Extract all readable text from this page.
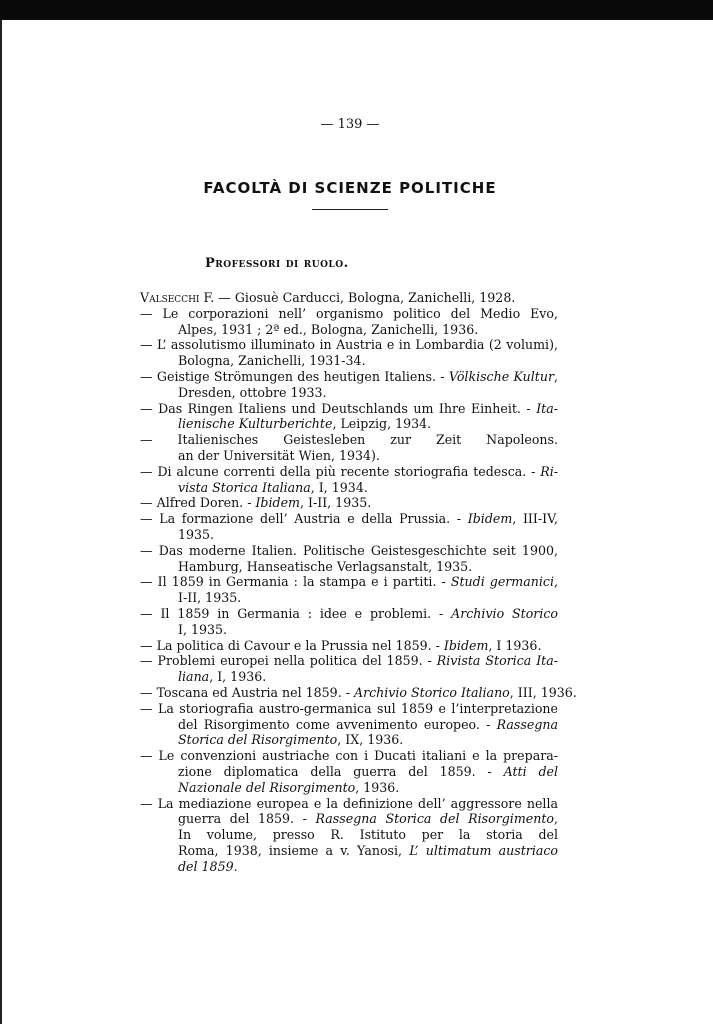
— 139 —
FACOLTÀ DI SCIENZE POLITICHE
Professori di ruolo.
Valsecchi F. — Giosuè Carducci, Bologna, Zanichelli, 1928.
— Le corporazioni nell’ organismo politico del Medio Evo,
Alpes, 1931 ; 2ª ed., Bologna, Zanichelli, 1936.
— L’ assolutismo illuminato in Austria e in Lombardia (2 volumi),
Bologna, Zanichelli, 1931-34.
— Geistige Strömungen des heutigen Italiens. - Völkische Kultur,
Dresden, ottobre 1933.
— Das Ringen Italiens und Deutschlands um Ihre Einheit. - Ita-
lienische Kulturberichte, Leipzig, 1934.
— Italienisches Geistesleben zur Zeit Napoleons.
an der Universität Wien, 1934).
— Di alcune correnti della più recente storiografia tedesca. - Ri-
vista Storica Italiana, I, 1934.
— Alfred Doren. - Ibidem, I-II, 1935.
— La formazione dell’ Austria e della Prussia. - Ibidem, III-IV,
1935.
— Das moderne Italien. Politische Geistesgeschichte seit 1900,
Hamburg, Hanseatische Verlagsanstalt, 1935.
— Il 1859 in Germania : la stampa e i partiti. - Studi germanici,
I-II, 1935.
— Il 1859 in Germania : idee e problemi. - Archivio Storico
I, 1935.
— La politica di Cavour e la Prussia nel 1859. - Ibidem, I 1936.
— Problemi europei nella politica del 1859. - Rivista Storica Ita-
liana, I, 1936.
— Toscana ed Austria nel 1859. - Archivio Storico Italiano, III, 1936.
— La storiografia austro-germanica sul 1859 e l’interpretazione
del Risorgimento come avvenimento europeo. - Rassegna
Storica del Risorgimento, IX, 1936.
— Le convenzioni austriache con i Ducati italiani e la prepara-
zione diplomatica della guerra del 1859. - Atti del
Nazionale del Risorgimento, 1936.
— La mediazione europea e la definizione dell’ aggressore nella
guerra del 1859. - Rassegna Storica del Risorgimento,
In volume, presso R. Istituto per la storia del
Roma, 1938, insieme a v. Yanosi, L’ ultimatum austriaco
del 1859.
